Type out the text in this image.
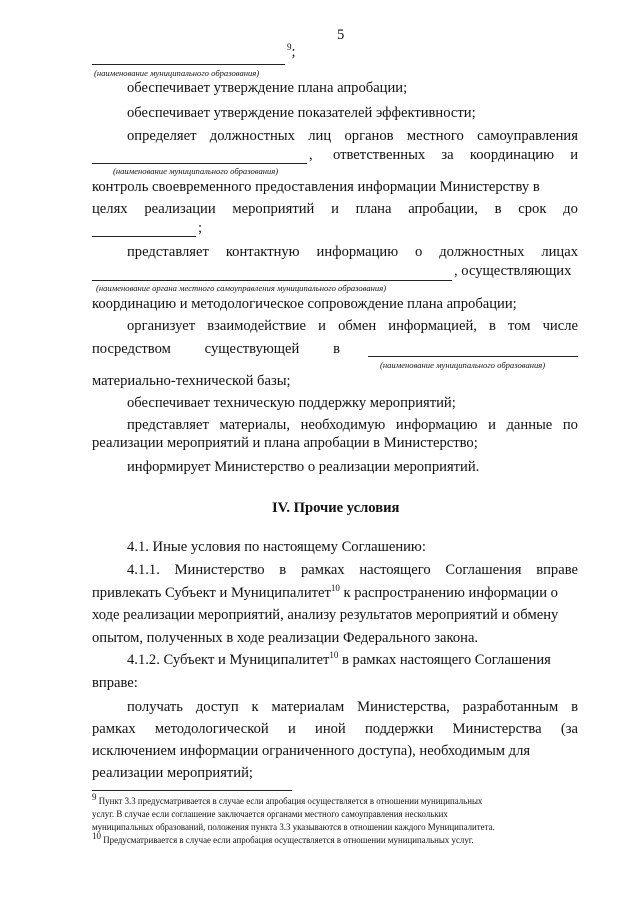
5
$^9$;
(наименование муниципального образования)
обеспечивает утверждение плана апробации;
обеспечивает утверждение показателей эффективности;
определяет должностных лиц органов местного самоуправления
, ответственных за координацию и
(наименование муниципального образования)
контроль своевременного предоставления информации Министерству в
целях реализации мероприятий и плана апробации, в срок до
;
представляет контактную информацию о должностных лицах
, осуществляющих
(наименование органа местного самоуправления муниципального образования)
координацию и методологическое сопровождение плана апробации;
организует взаимодействие и обмен информацией, в том числе
посредством существующей в
(наименование муниципального образования)
материально-технической базы;
обеспечивает техническую поддержку мероприятий;
представляет материалы, необходимую информацию и данные по
реализации мероприятий и плана апробации в Министерство;
информирует Министерство о реализации мероприятий.
IV. Прочие условия
4.1. Иные условия по настоящему Соглашению:
4.1.1. Министерство в рамках настоящего Соглашения вправе
привлекать Субъект и Муниципалитет$^{10}$ к распространению информации о
ходе реализации мероприятий, анализу результатов мероприятий и обмену
опытом, полученных в ходе реализации Федерального закона.
4.1.2. Субъект и Муниципалитет$^{10}$ в рамках настоящего Соглашения
вправе:
получать доступ к материалам Министерства, разработанным в
рамках методологической и иной поддержки Министерства (за
исключением информации ограниченного доступа), необходимым для
реализации мероприятий;
$^9$ Пункт 3.3 предусматривается в случае если апробация осуществляется в отношении муниципальных
услуг. В случае если соглашение заключается органами местного самоуправления нескольких
муниципальных образований, положения пункта 3.3 указываются в отношении каждого Муниципалитета.
$^{10}$ Предусматривается в случае если апробация осуществляется в отношении муниципальных услуг.
